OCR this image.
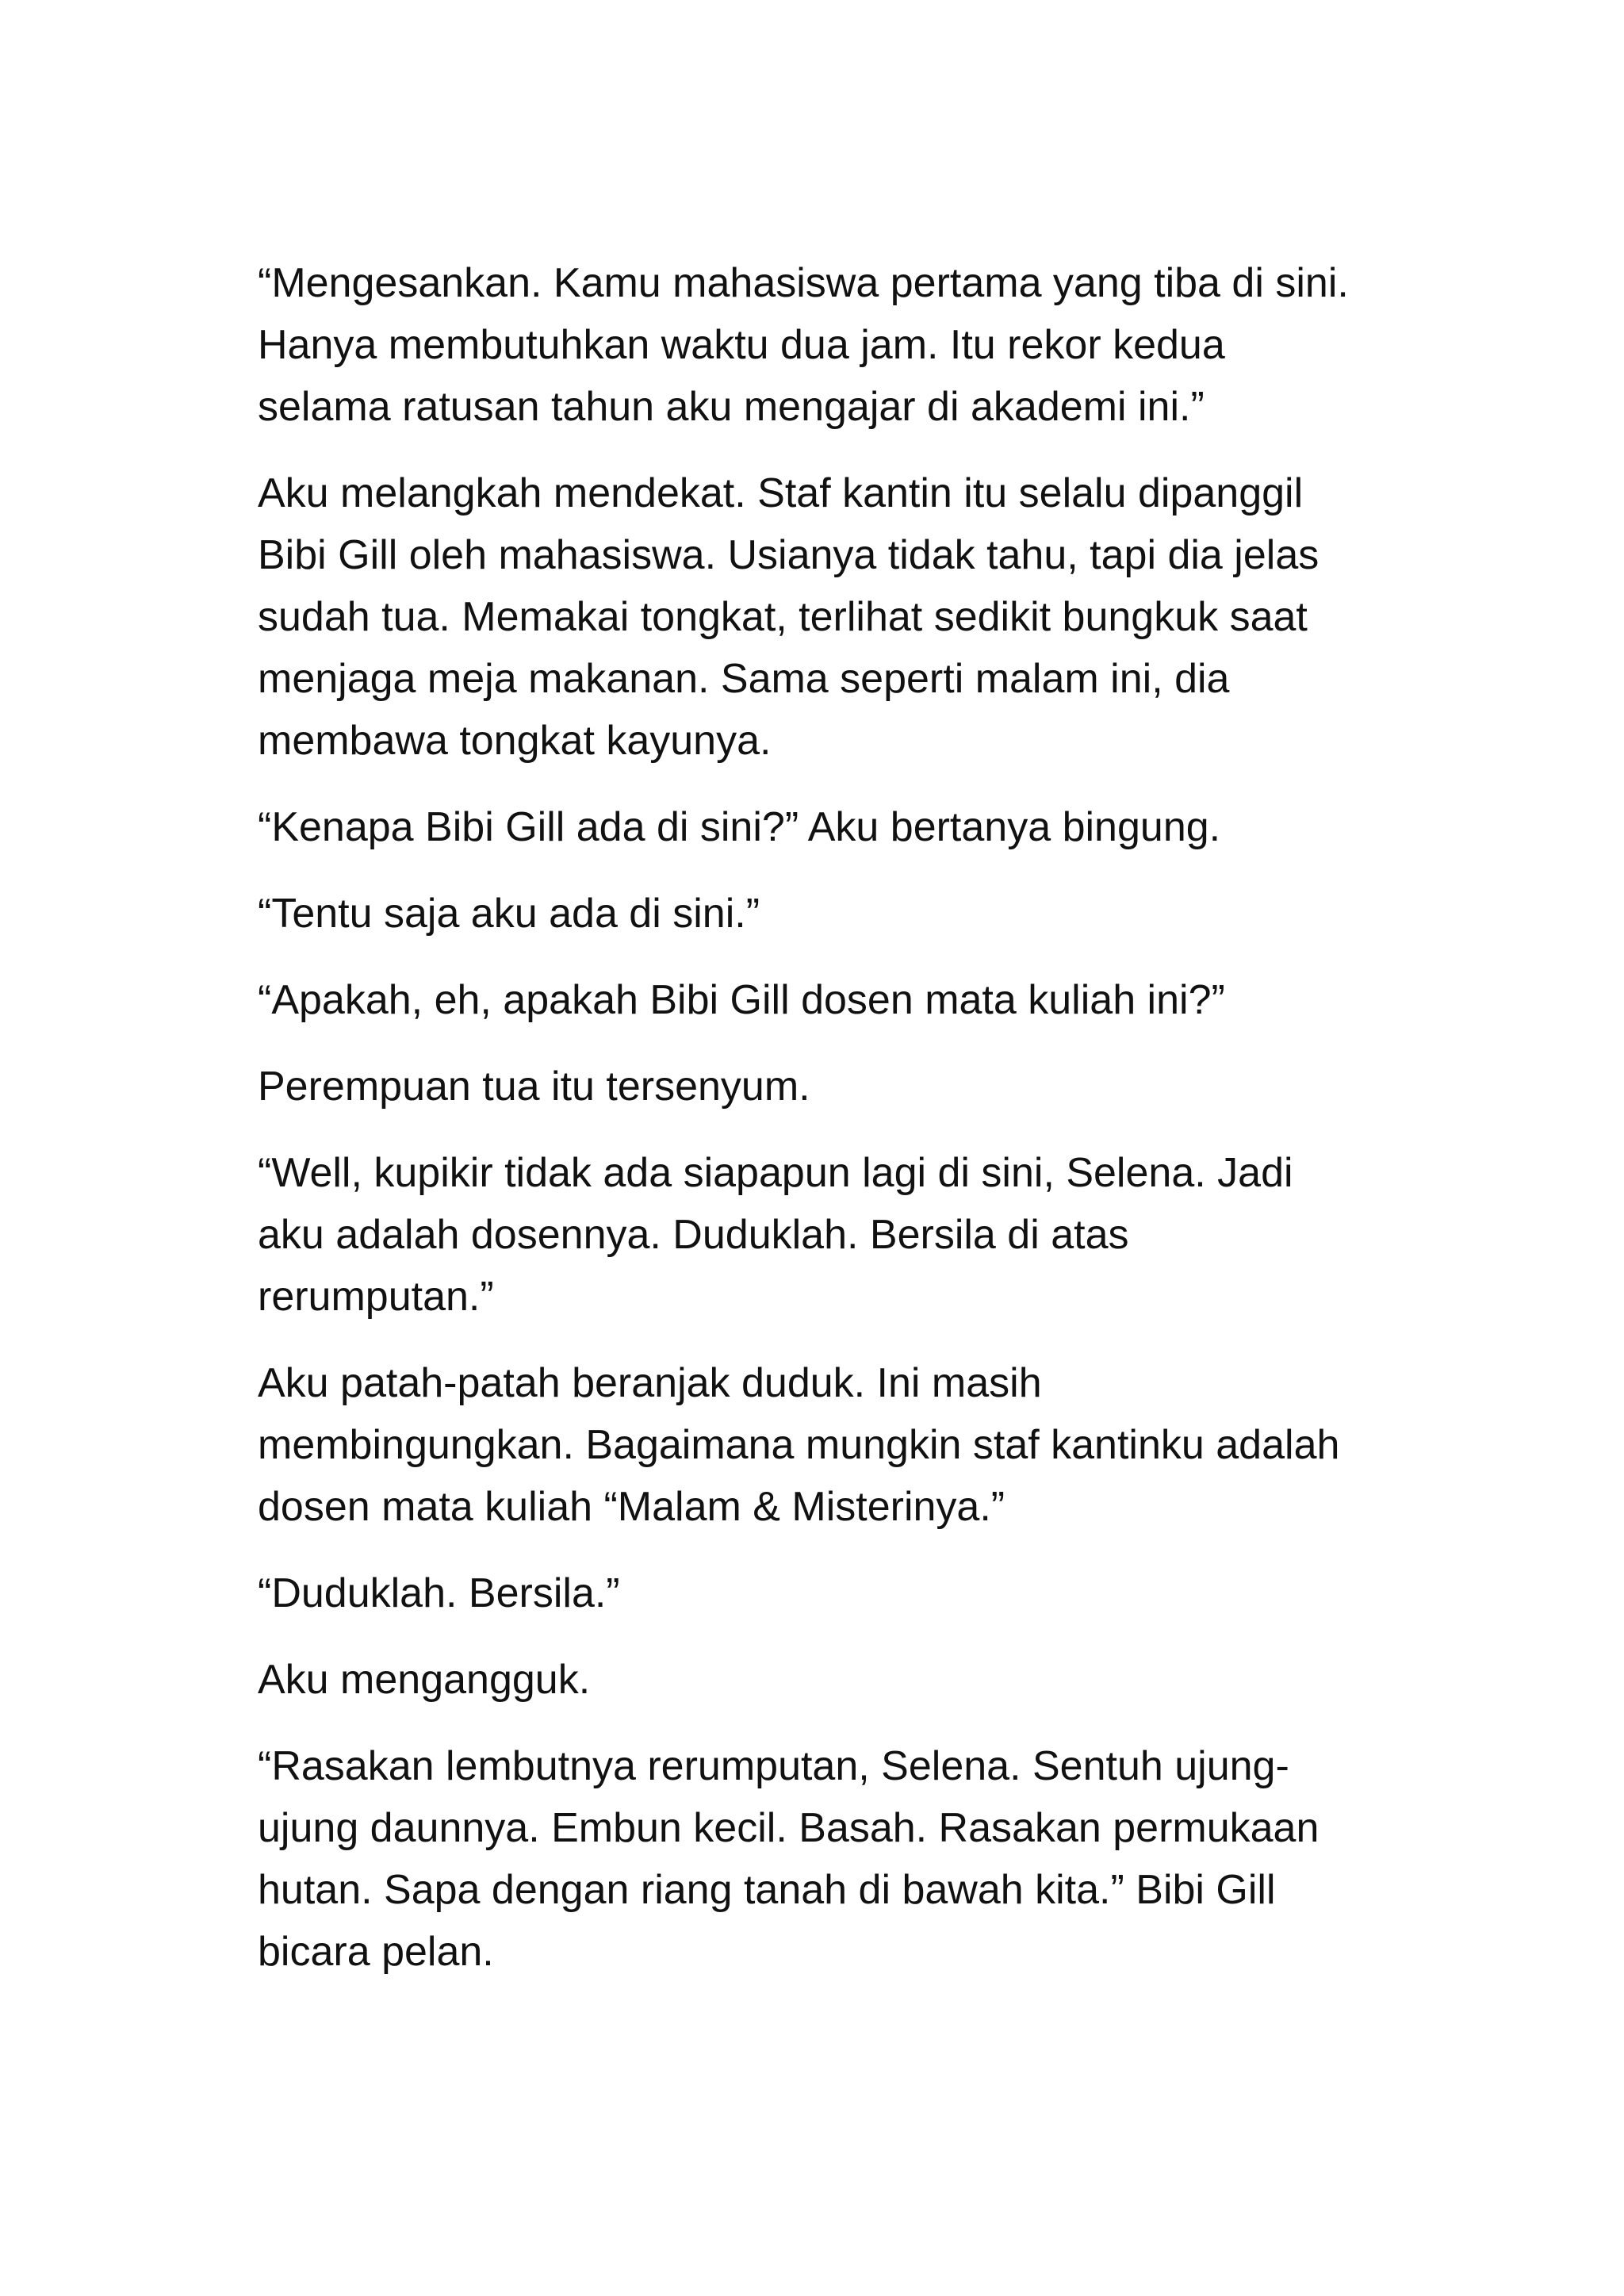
“Mengesankan. Kamu mahasiswa pertama yang tiba di sini.
Hanya membutuhkan waktu dua jam. Itu rekor kedua
selama ratusan tahun aku mengajar di akademi ini.”

Aku melangkah mendekat. Staf kantin itu selalu dipanggil
Bibi Gill oleh mahasiswa. Usianya tidak tahu, tapi dia jelas
sudah tua. Memakai tongkat, terlihat sedikit bungkuk saat
menjaga meja makanan. Sama seperti malam ini, dia
membawa tongkat kayunya.

“Kenapa Bibi Gill ada di sini?” Aku bertanya bingung.

“Tentu saja aku ada di sini.”

“Apakah, eh, apakah Bibi Gill dosen mata kuliah ini?”

Perempuan tua itu tersenyum.

“Well, kupikir tidak ada siapapun lagi di sini, Selena. Jadi
aku adalah dosennya. Duduklah. Bersila di atas
rerumputan.”

Aku patah-patah beranjak duduk. Ini masih
membingungkan. Bagaimana mungkin staf kantinku adalah
dosen mata kuliah “Malam & Misterinya.”

“Duduklah. Bersila.”

Aku mengangguk.

“Rasakan lembutnya rerumputan, Selena. Sentuh ujung-
ujung daunnya. Embun kecil. Basah. Rasakan permukaan
hutan. Sapa dengan riang tanah di bawah kita.” Bibi Gill
bicara pelan.
